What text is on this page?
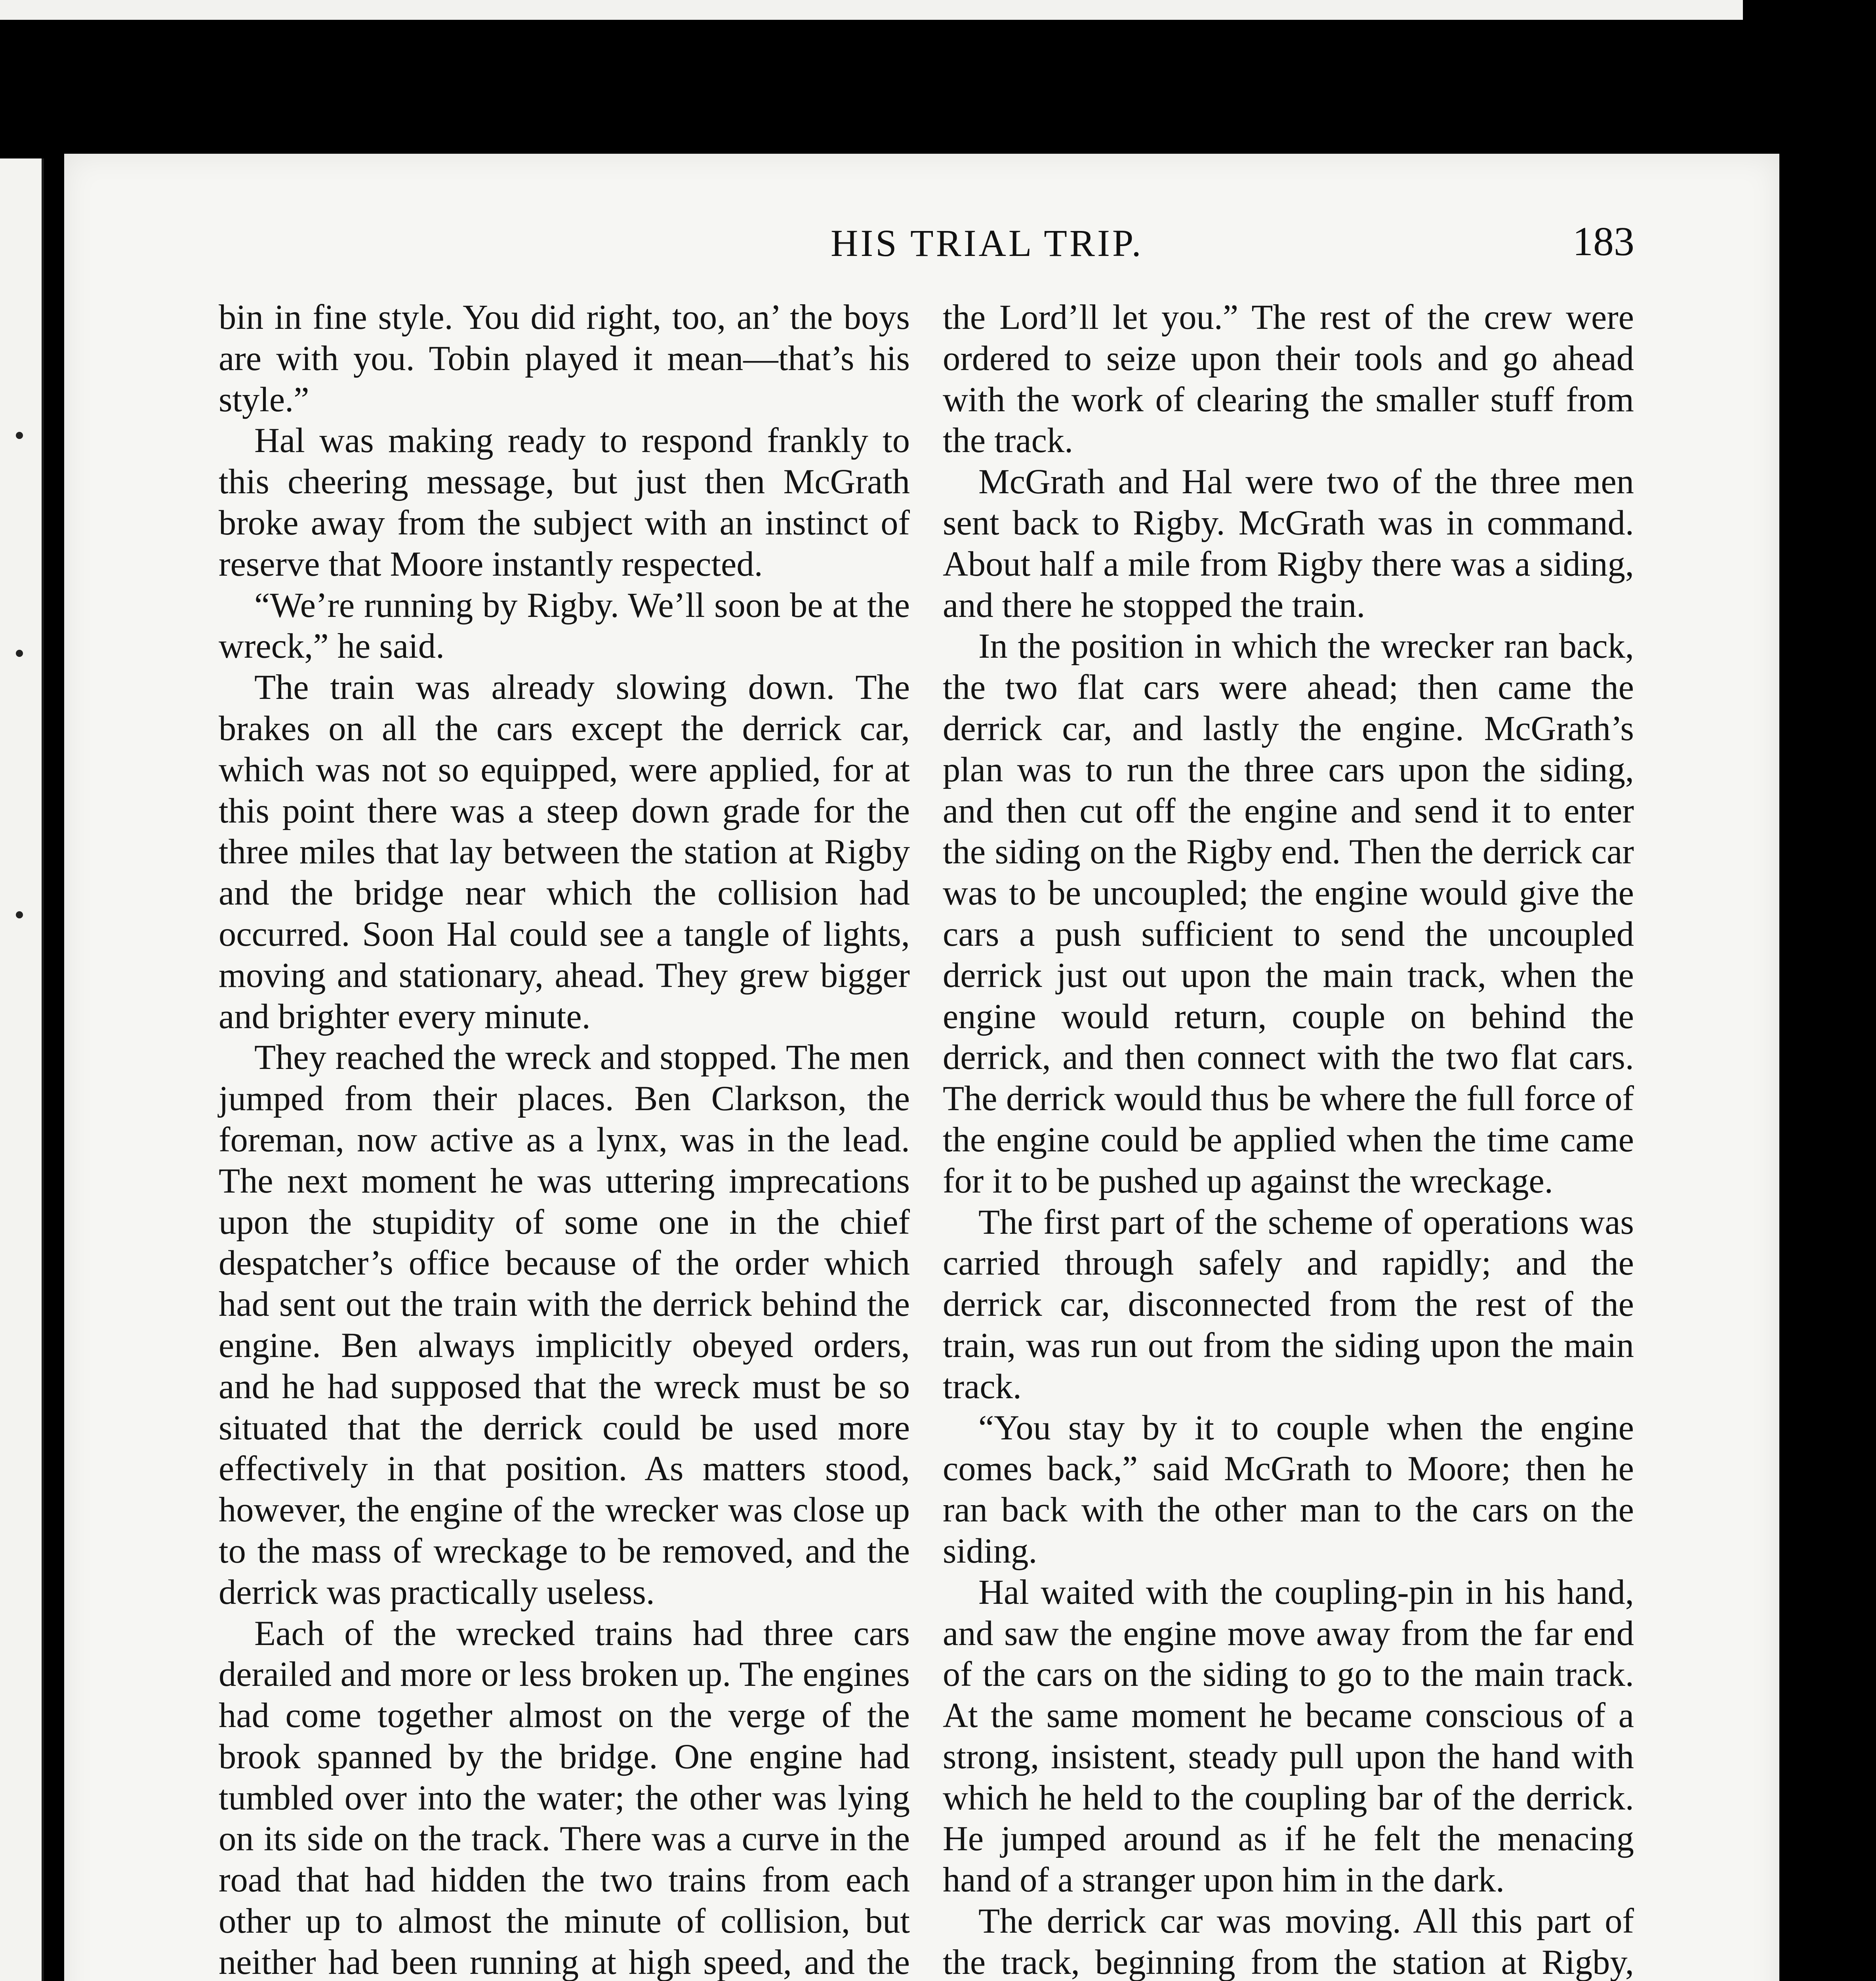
HIS TRIAL TRIP.	183

bin in fine style. You did right, too, an’ the boys are with you. Tobin played it mean—that’s his style.”

Hal was making ready to respond frankly to this cheering message, but just then McGrath broke away from the subject with an instinct of reserve that Moore instantly respected.

“We’re running by Rigby. We’ll soon be at the wreck,” he said.

The train was already slowing down. The brakes on all the cars except the derrick car, which was not so equipped, were applied, for at this point there was a steep down grade for the three miles that lay between the station at Rigby and the bridge near which the collision had occurred. Soon Hal could see a tangle of lights, moving and stationary, ahead. They grew bigger and brighter every minute.

They reached the wreck and stopped. The men jumped from their places. Ben Clarkson, the foreman, now active as a lynx, was in the lead. The next moment he was uttering imprecations upon the stupidity of some one in the chief despatcher’s office because of the order which had sent out the train with the derrick behind the engine. Ben always implicitly obeyed orders, and he had supposed that the wreck must be so situated that the derrick could be used more effectively in that position. As matters stood, however, the engine of the wrecker was close up to the mass of wreckage to be removed, and the derrick was practically useless.

Each of the wrecked trains had three cars derailed and more or less broken up. The engines had come together almost on the verge of the brook spanned by the bridge. One engine had tumbled over into the water; the other was lying on its side on the track. There was a curve in the road that had hidden the two trains from each other up to almost the minute of collision, but neither had been running at high speed, and the

the Lord’ll let you.” The rest of the crew were ordered to seize upon their tools and go ahead with the work of clearing the smaller stuff from the track.

McGrath and Hal were two of the three men sent back to Rigby. McGrath was in command. About half a mile from Rigby there was a siding, and there he stopped the train.

In the position in which the wrecker ran back, the two flat cars were ahead; then came the derrick car, and lastly the engine. McGrath’s plan was to run the three cars upon the siding, and then cut off the engine and send it to enter the siding on the Rigby end. Then the derrick car was to be uncoupled; the engine would give the cars a push sufficient to send the uncoupled derrick just out upon the main track, when the engine would return, couple on behind the derrick, and then connect with the two flat cars. The derrick would thus be where the full force of the engine could be applied when the time came for it to be pushed up against the wreckage.

The first part of the scheme of operations was carried through safely and rapidly; and the derrick car, disconnected from the rest of the train, was run out from the siding upon the main track.

“You stay by it to couple when the engine comes back,” said McGrath to Moore; then he ran back with the other man to the cars on the siding.

Hal waited with the coupling-pin in his hand, and saw the engine move away from the far end of the cars on the siding to go to the main track. At the same moment he became conscious of a strong, insistent, steady pull upon the hand with which he held to the coupling bar of the derrick. He jumped around as if he felt the menacing hand of a stranger upon him in the dark.

The derrick car was moving. All this part of the track, beginning from the station at Rigby,
